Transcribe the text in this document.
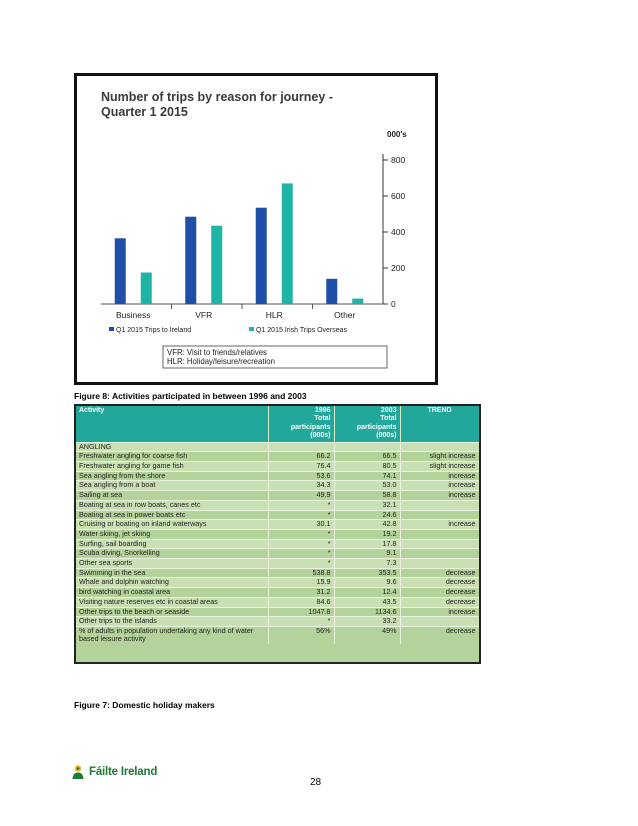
Number of trips by reason for journey -
Quarter 1 2015
000's
0
200
400
600
800
Business	VFR	HLR	Other
Q1 2015 Trips to Ireland	Q1 2015 Irish Trips Overseas
VFR: Visit to friends/relatives
HLR: Holiday/leisure/recreation
Figure 8: Activities participated in between 1996 and 2003
Activity	1996
Total
participants
(000s)	2003
Total
participants
(000s)	TREND
ANGLING			
Freshwater angling for coarse fish	66.2	66.5	slight increase
Freshwater angling for game fish	76.4	80.5	slight increase
Sea angling from the shore	53.6	74.1	increase
Sea angling from a boat	34.3	53.0	increase
Sailing at sea	49.9	58.8	increase
Boating at sea in row boats, canes etc	*	32.1	
Boating at sea in power boats etc	*	24.6	
Cruising or boating on inland waterways	30.1	42.8	increase
Water skiing, jet skiing	*	19.2	
Surfing, sail boarding	*	17.8	
Scuba diving, Snorkelling	*	9.1	
Other sea sports	*	7.3	
Swimming in the sea	538.8	353.5	decrease
Whale and dolphin watching	15.9	9.6	decrease
bird watching in coastal area	31.2	12.4	decrease
Visiting nature reserves etc in coastal areas	84.6	43.5	decrease
Other trips to the beach or seaside	1047.8	1134.6	increase
Other trips to the islands	*	33.2	
% of adults in population undertaking any kind of water based leisure activity	56%	49%	decrease
Figure 7: Domestic holiday makers
Fáilte Ireland
28
